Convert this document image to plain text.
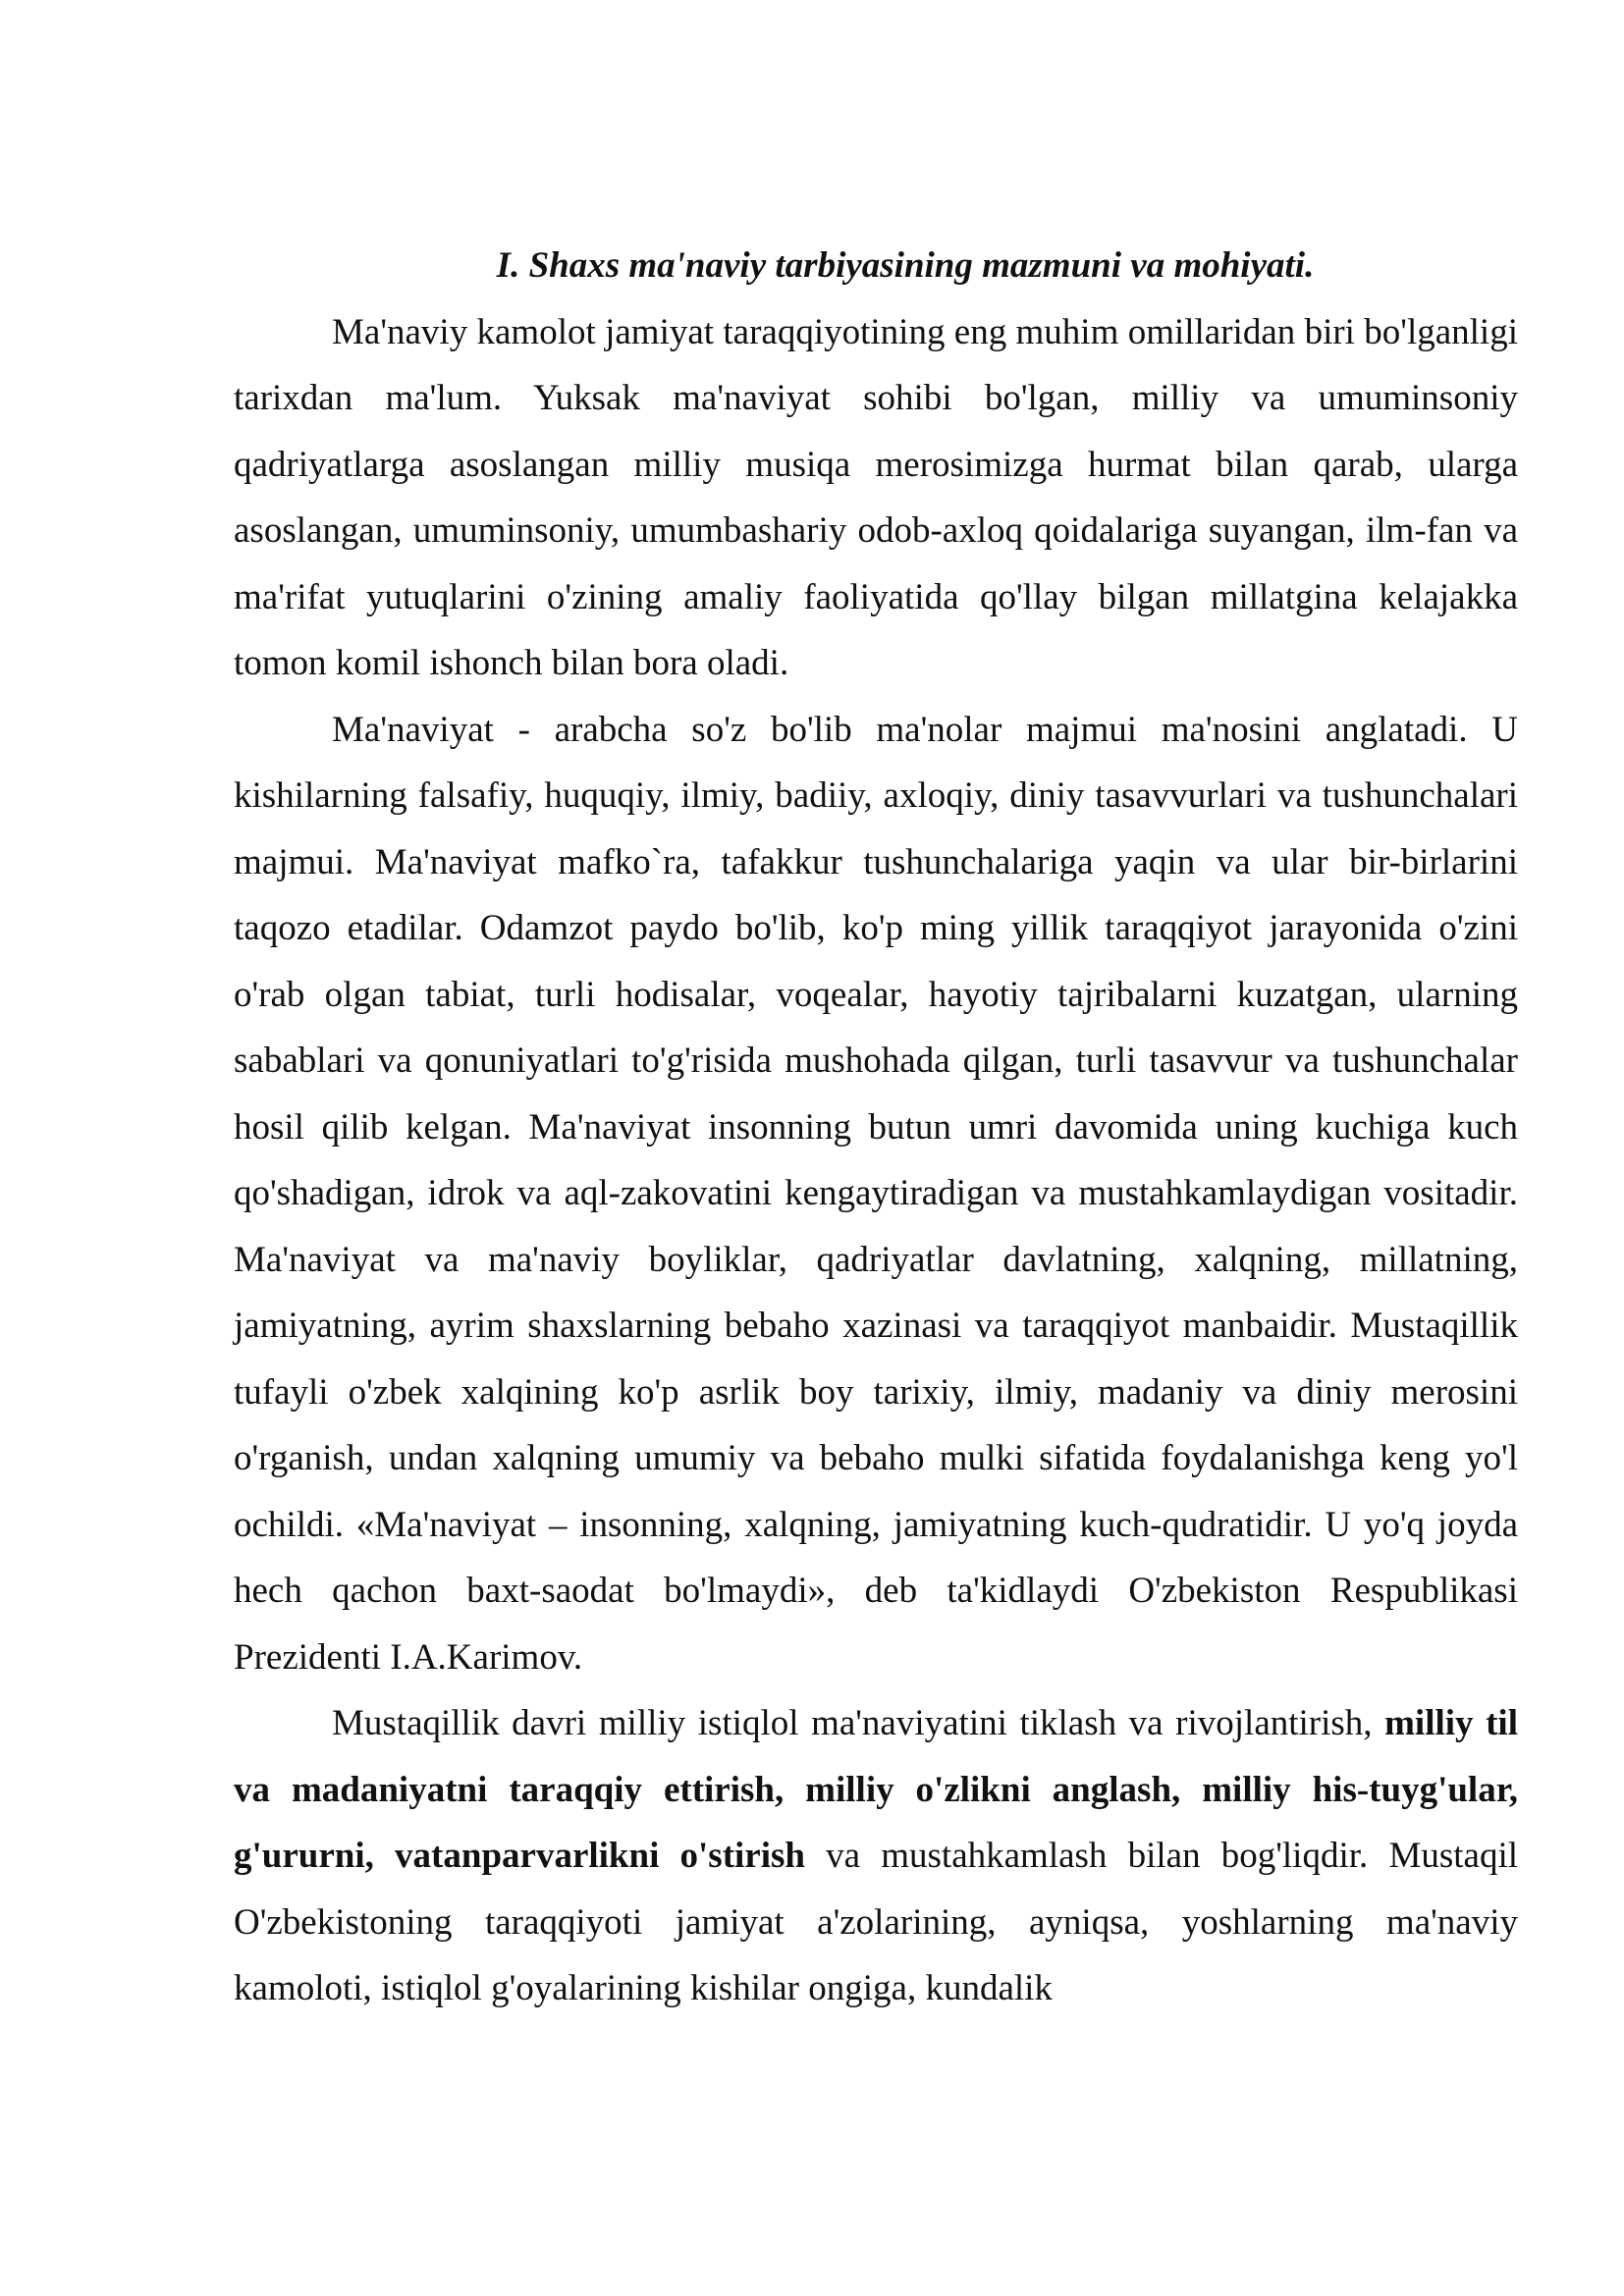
I. Shaxs ma'naviy tarbiyasining mazmuni va mohiyati.

Ma'naviy kamolot jamiyat taraqqiyotining eng muhim omillaridan biri bo'lganligi tarixdan ma'lum. Yuksak ma'naviyat sohibi bo'lgan, milliy va umuminsoniy qadriyatlarga asoslangan milliy musiqa merosimizga hurmat bilan qarab, ularga asoslangan, umuminsoniy, umumbashariy odob-axloq qoidalariga suyangan, ilm-fan va ma'rifat yutuqlarini o'zining amaliy faoliyatida qo'llay bilgan millatgina kelajakka tomon komil ishonch bilan bora oladi.

Ma'naviyat - arabcha so'z bo'lib ma'nolar majmui ma'nosini anglatadi. U kishilarning falsafiy, huquqiy, ilmiy, badiiy, axloqiy, diniy tasavvurlari va tushunchalari majmui. Ma'naviyat mafko`ra, tafakkur tushunchalariga yaqin va ular bir-birlarini taqozo etadilar. Odamzot paydo bo'lib, ko'p ming yillik taraqqiyot jarayonida o'zini o'rab olgan tabiat, turli hodisalar, voqealar, hayotiy tajribalarni kuzatgan, ularning sabablari va qonuniyatlari to'g'risida mushohada qilgan, turli tasavvur va tushunchalar hosil qilib kelgan. Ma'naviyat insonning butun umri davomida uning kuchiga kuch qo'shadigan, idrok va aql-zakovatini kengaytiradigan va mustahkamlaydigan vositadir. Ma'naviyat va ma'naviy boyliklar, qadriyatlar davlatning, xalqning, millatning, jamiyatning, ayrim shaxslarning bebaho xazinasi va taraqqiyot manbaidir. Mustaqillik tufayli o'zbek xalqining ko'p asrlik boy tarixiy, ilmiy, madaniy va diniy merosini o'rganish, undan xalqning umumiy va bebaho mulki sifatida foydalanishga keng yo'l ochildi. «Ma'naviyat – insonning, xalqning, jamiyatning kuch-qudratidir. U yo'q joyda hech qachon baxt-saodat bo'lmaydi», deb ta'kidlaydi O'zbekiston Respublikasi Prezidenti I.A.Karimov.

Mustaqillik davri milliy istiqlol ma'naviyatini tiklash va rivojlantirish, milliy til va madaniyatni taraqqiy ettirish, milliy o'zlikni anglash, milliy his-tuyg'ular, g'ururni, vatanparvarlikni o'stirish va mustahkamlash bilan bog'liqdir. Mustaqil O'zbekistoning taraqqiyoti jamiyat a'zolarining, ayniqsa, yoshlarning ma'naviy kamoloti, istiqlol g'oyalarining kishilar ongiga, kundalik
